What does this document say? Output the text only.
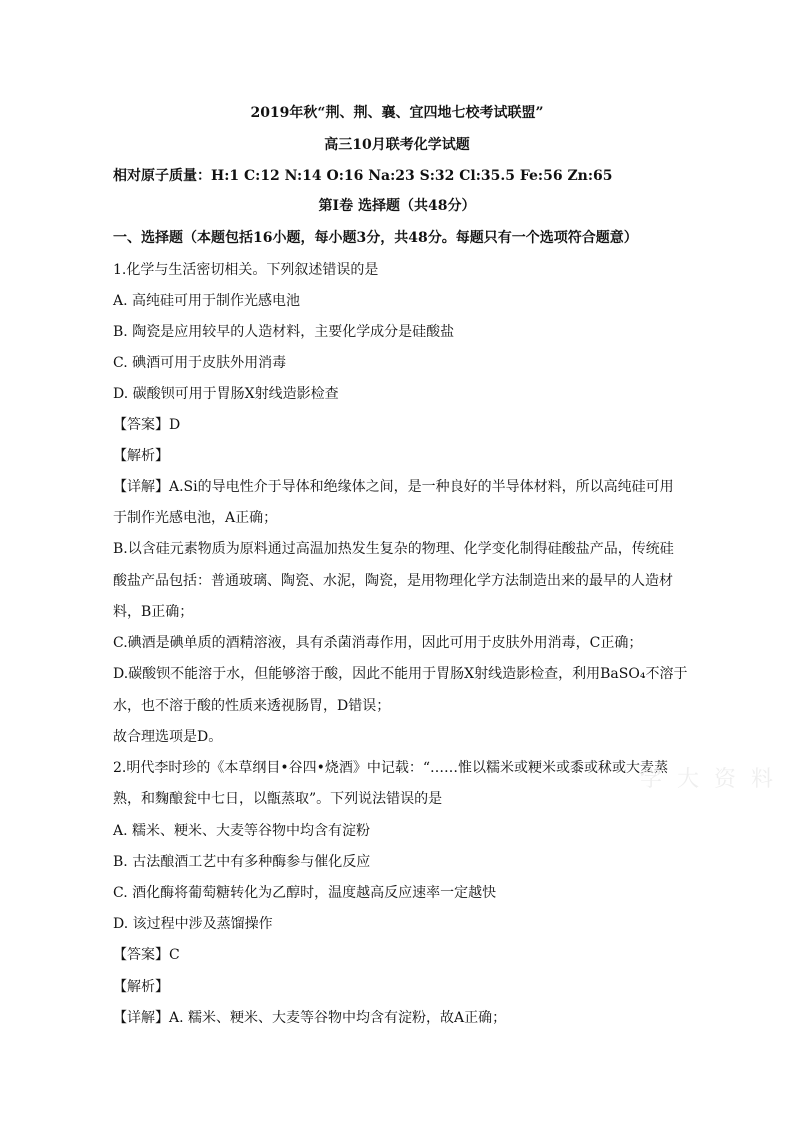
2019年秋“荆、荆、襄、宜四地七校考试联盟”
高三10月联考化学试题
相对原子质量：H:1 C:12 N:14 O:16 Na:23 S:32 Cl:35.5 Fe:56 Zn:65
第Ⅰ卷 选择题（共48分）
一、选择题（本题包括16小题，每小题3分，共48分。每题只有一个选项符合题意）
1.化学与生活密切相关。下列叙述错误的是
A. 高纯硅可用于制作光感电池
B. 陶瓷是应用较早的人造材料，主要化学成分是硅酸盐
C. 碘酒可用于皮肤外用消毒
D. 碳酸钡可用于胃肠X射线造影检查
【答案】D
【解析】
【详解】A.Si的导电性介于导体和绝缘体之间，是一种良好的半导体材料，所以高纯硅可用
于制作光感电池，A正确；
B.以含硅元素物质为原料通过高温加热发生复杂的物理、化学变化制得硅酸盐产品，传统硅
酸盐产品包括：普通玻璃、陶瓷、水泥，陶瓷，是用物理化学方法制造出来的最早的人造材
料，B正确；
C.碘酒是碘单质的酒精溶液，具有杀菌消毒作用，因此可用于皮肤外用消毒，C正确；
D.碳酸钡不能溶于水，但能够溶于酸，因此不能用于胃肠X射线造影检查，利用BaSO₄不溶于
水，也不溶于酸的性质来透视肠胃，D错误；
故合理选项是D。
2.明代李时珍的《本草纲目•谷四•烧酒》中记载：“……惟以糯米或粳米或黍或秫或大麦蒸
熟，和麴酿瓮中七日，以甑蒸取”。下列说法错误的是
A. 糯米、粳米、大麦等谷物中均含有淀粉
B. 古法酿酒工艺中有多种酶参与催化反应
C. 酒化酶将葡萄糖转化为乙醇时，温度越高反应速率一定越快
D. 该过程中涉及蒸馏操作
【答案】C
【解析】
【详解】A. 糯米、粳米、大麦等谷物中均含有淀粉，故A正确；
学 大 资 料
